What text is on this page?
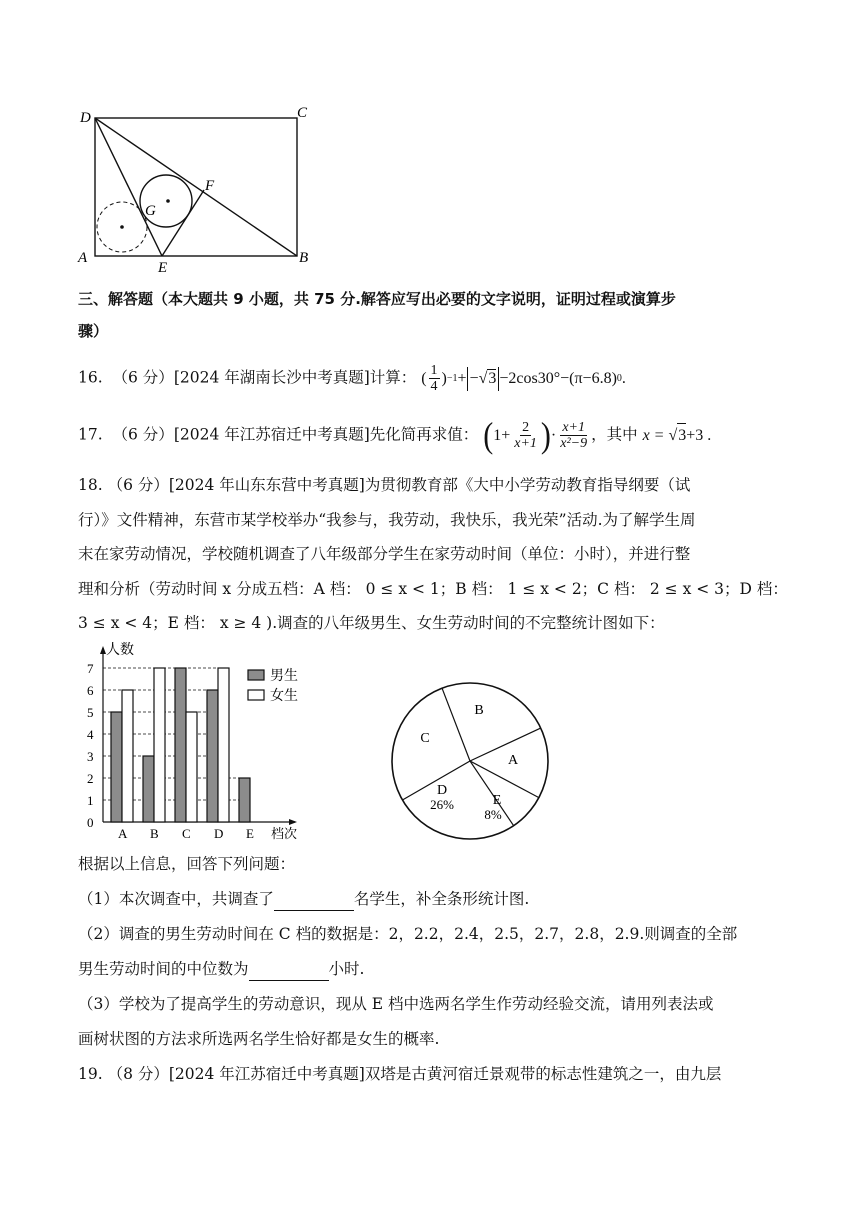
D	C
A	B
E
F
G
三、解答题（本大题共 9 小题，共 75 分.解答应写出必要的文字说明，证明过程或演算步
骤）
16. （6 分）[2024 年湖南长沙中考真题]计算： ( $\frac{1}{4}$ ) −1 + −√3 −2cos30°− (π−6.8) 0 .
17. （6 分）[2024 年江苏宿迁中考真题]先化简再求值： ( $1+ \frac{2}{x+1}$ ) · $\frac{x+1}{\text{x²−9}}$ ，其中 x = √ 3 +3 .
18. （6 分）[2024 年山东东营中考真题]为贯彻教育部《大中小学劳动教育指导纲要（试
行）》文件精神，东营市某学校举办“我参与，我劳动，我快乐，我光荣”活动.为了解学生周
末在家劳动情况，学校随机调查了八年级部分学生在家劳动时间（单位：小时），并进行整
理和分析（劳动时间 x 分成五档：A 档： 0 ≤ x < 1；B 档： 1 ≤ x < 2；C 档： 2 ≤ x < 3；D 档：
3 ≤ x < 4；E 档： x ≥ 4 ).调查的八年级男生、女生劳动时间的不完整统计图如下：
人数
档次
0
1
2
3
4
5
6
7
A B C D E
男生
女生
B
A
C
D
26%	E
8%
根据以上信息，回答下列问题：
（1）本次调查中，共调查了	名学生，补全条形统计图.
（2）调查的男生劳动时间在 C 档的数据是：2，2.2，2.4，2.5，2.7，2.8，2.9.则调查的全部
男生劳动时间的中位数为	小时.
（3）学校为了提高学生的劳动意识，现从 E 档中选两名学生作劳动经验交流，请用列表法或
画树状图的方法求所选两名学生恰好都是女生的概率.
19. （8 分）[2024 年江苏宿迁中考真题]双塔是古黄河宿迁景观带的标志性建筑之一，由九层
